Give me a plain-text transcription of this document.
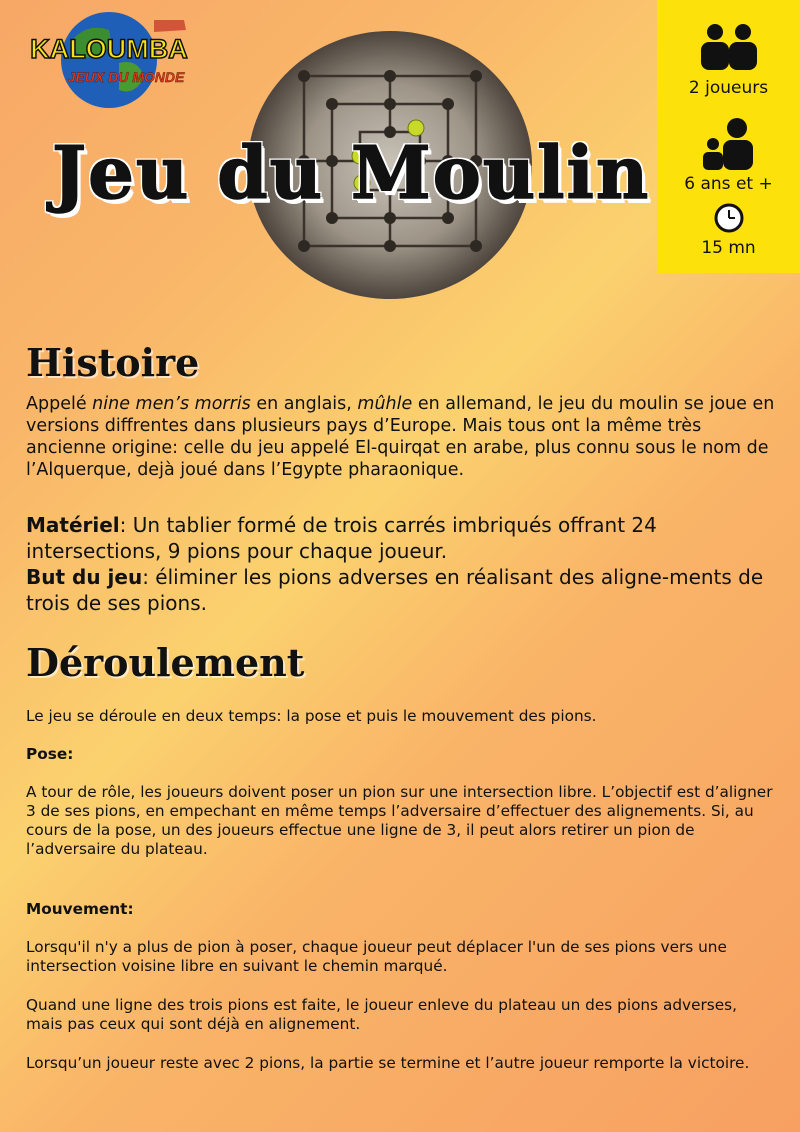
KALOUMBA
JEUX DU MONDE
Jeu du Moulin
2 joueurs
6 ans et +
15 mn
Histoire

Appelé nine men’s morris en anglais, mûhle en allemand, le jeu du moulin se joue en versions diffrentes dans plusieurs pays d’Europe. Mais tous ont la même très ancienne origine: celle du jeu appelé El-quirqat en arabe, plus connu sous le nom de l’Alquerque, dejà joué dans l’Egypte pharaonique.

Matériel: Un tablier formé de trois carrés imbriqués offrant 24 intersections, 9 pions pour chaque joueur.

But du jeu: éliminer les pions adverses en réalisant des aligne-ments de trois de ses pions.

Déroulement

Le jeu se déroule en deux temps: la pose et puis le mouvement des pions.

Pose:

A tour de rôle, les joueurs doivent poser un pion sur une intersection libre. L’objectif est d’aligner 3 de ses pions, en empechant en même temps l’adversaire d’effectuer des alignements. Si, au cours de la pose, un des joueurs effectue une ligne de 3, il peut alors retirer un pion de l’adversaire du plateau.

Mouvement:

Lorsqu'il n'y a plus de pion à poser, chaque joueur peut déplacer l'un de ses pions vers une intersection voisine libre en suivant le chemin marqué.

Quand une ligne des trois pions est faite, le joueur enleve du plateau un des pions adverses, mais pas ceux qui sont déjà en alignement.

Lorsqu’un joueur reste avec 2 pions, la partie se termine et l’autre joueur remporte la victoire.
